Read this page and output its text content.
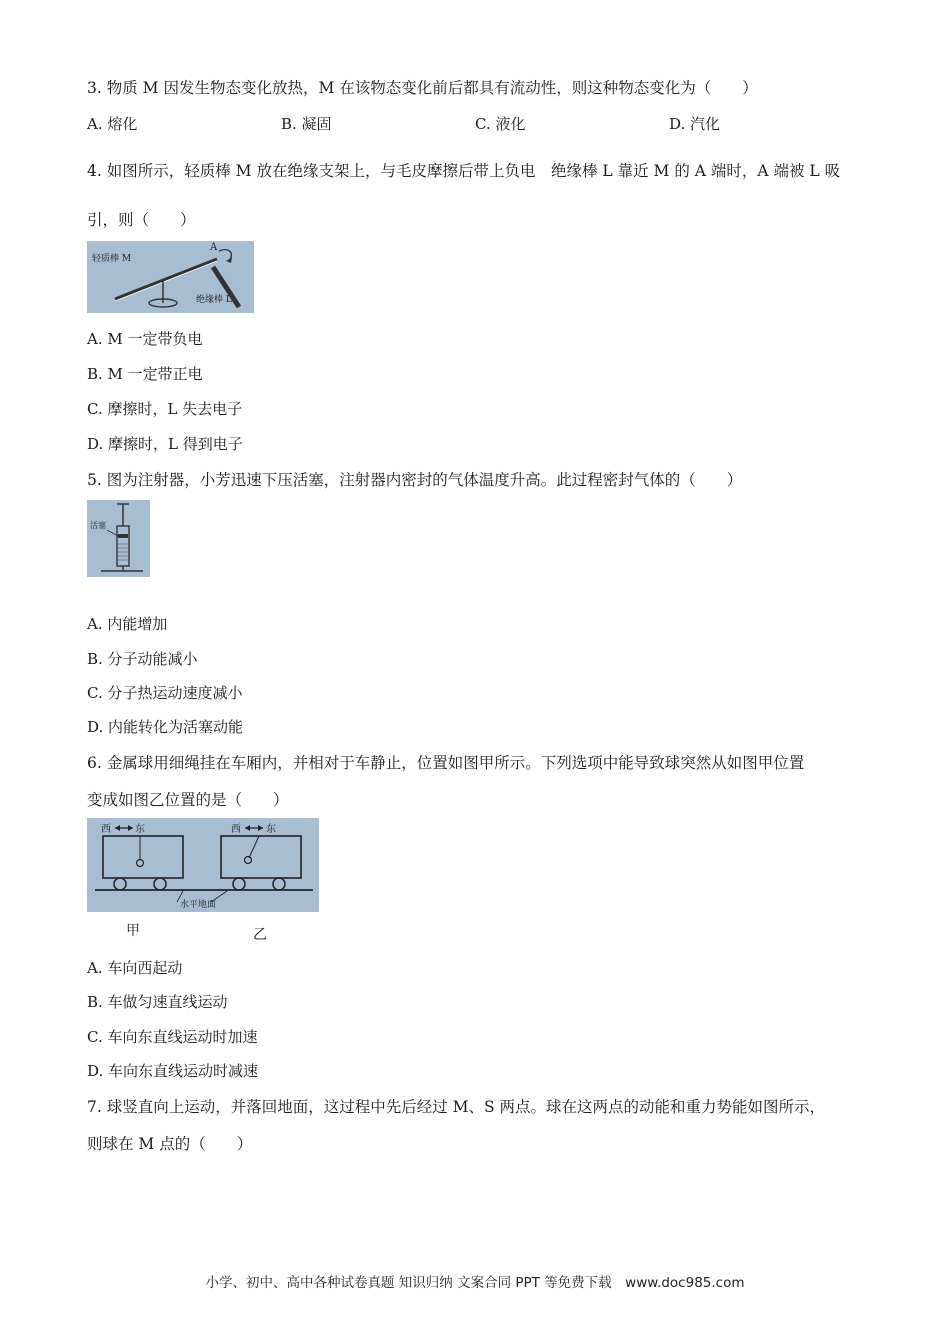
3. 物质 M 因发生物态变化放热，M 在该物态变化前后都具有流动性，则这种物态变化为（　　）
A. 熔化	B. 凝固	C. 液化	D. 汽化
4. 如图所示，轻质棒 M 放在绝缘支架上，与毛皮摩擦后带上负电　绝缘棒 L 靠近 M 的 A 端时，A 端被 L 吸
引，则（　　）
轻质棒 M
A
绝缘棒 L
A. M 一定带负电
B. M 一定带正电
C. 摩擦时，L 失去电子
D. 摩擦时，L 得到电子
5. 图为注射器，小芳迅速下压活塞，注射器内密封的气体温度升高。此过程密封气体的（　　）
活塞
A. 内能增加
B. 分子动能减小
C. 分子热运动速度减小
D. 内能转化为活塞动能
6. 金属球用细绳挂在车厢内，并相对于车静止，位置如图甲所示。下列选项中能导致球突然从如图甲位置
变成如图乙位置的是（　　）
西 东	西	东
水平地面
甲	乙
A. 车向西起动
B. 车做匀速直线运动
C. 车向东直线运动时加速
D. 车向东直线运动时减速
7. 球竖直向上运动，并落回地面，这过程中先后经过 M、S 两点。球在这两点的动能和重力势能如图所示，
则球在 M 点的（　　）
小学、初中、高中各种试卷真题 知识归纳 文案合同 PPT 等免费下载　www.doc985.com
